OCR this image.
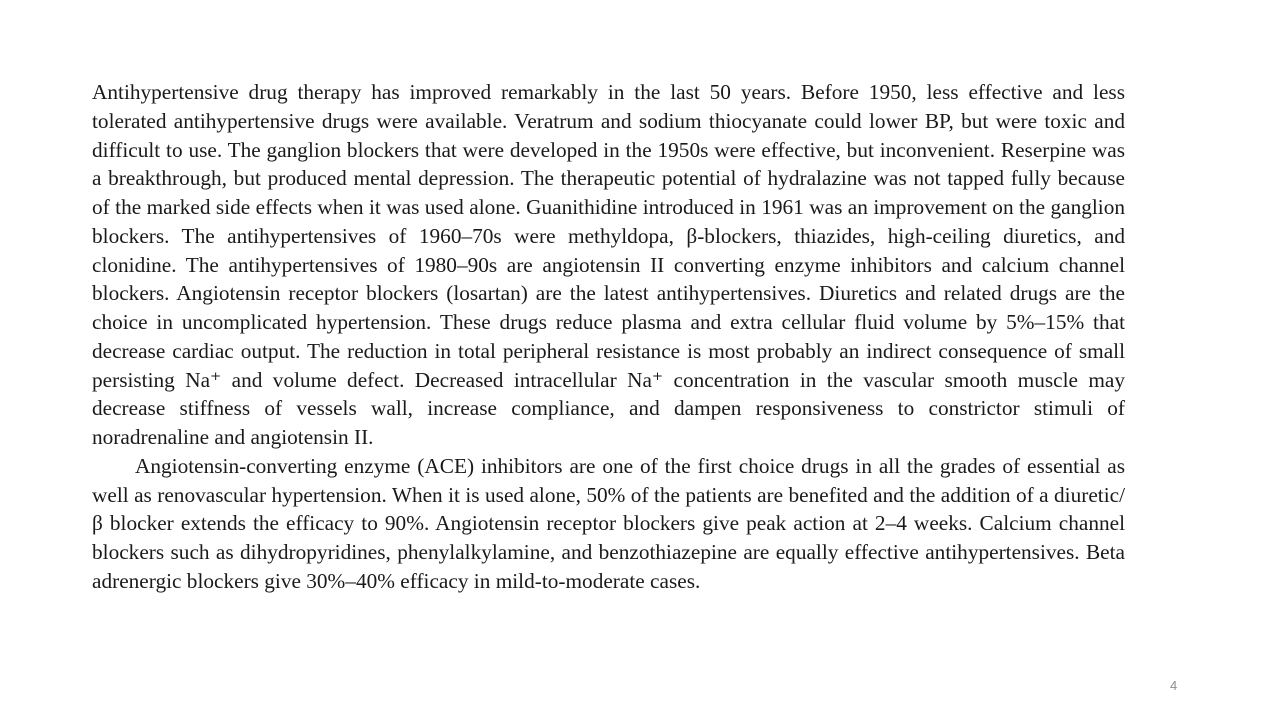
Antihypertensive drug therapy has improved remarkably in the last 50 years. Before 1950, less effective and less tolerated antihypertensive drugs were available. Veratrum and sodium thiocyanate could lower BP, but were toxic and difficult to use. The ganglion blockers that were developed in the 1950s were effective, but inconvenient. Reserpine was a breakthrough, but produced mental depression. The therapeutic potential of hydralazine was not tapped fully because of the marked side effects when it was used alone. Guanithidine introduced in 1961 was an improvement on the ganglion blockers. The antihypertensives of 1960–70s were methyldopa, β-blockers, thiazides, high-ceiling diuretics, and clonidine. The antihypertensives of 1980–90s are angiotensin II converting enzyme inhibitors and calcium channel blockers. Angiotensin receptor blockers (losartan) are the latest antihypertensives. Diuretics and related drugs are the choice in uncomplicated hypertension. These drugs reduce plasma and extra cellular fluid volume by 5%–15% that decrease cardiac output. The reduction in total peripheral resistance is most probably an indirect consequence of small persisting Na⁺ and volume defect. Decreased intracellular Na⁺ concentration in the vascular smooth muscle may decrease stiffness of vessels wall, increase compliance, and dampen responsiveness to constrictor stimuli of noradrenaline and angiotensin II.

Angiotensin-converting enzyme (ACE) inhibitors are one of the first choice drugs in all the grades of essential as well as renovascular hypertension. When it is used alone, 50% of the patients are benefited and the addition of a diuretic/β blocker extends the efficacy to 90%. Angiotensin receptor blockers give peak action at 2–4 weeks. Calcium channel blockers such as dihydropyridines, phenylalkylamine, and benzothiazepine are equally effective antihypertensives. Beta adrenergic blockers give 30%–40% efficacy in mild-to-moderate cases.

4
